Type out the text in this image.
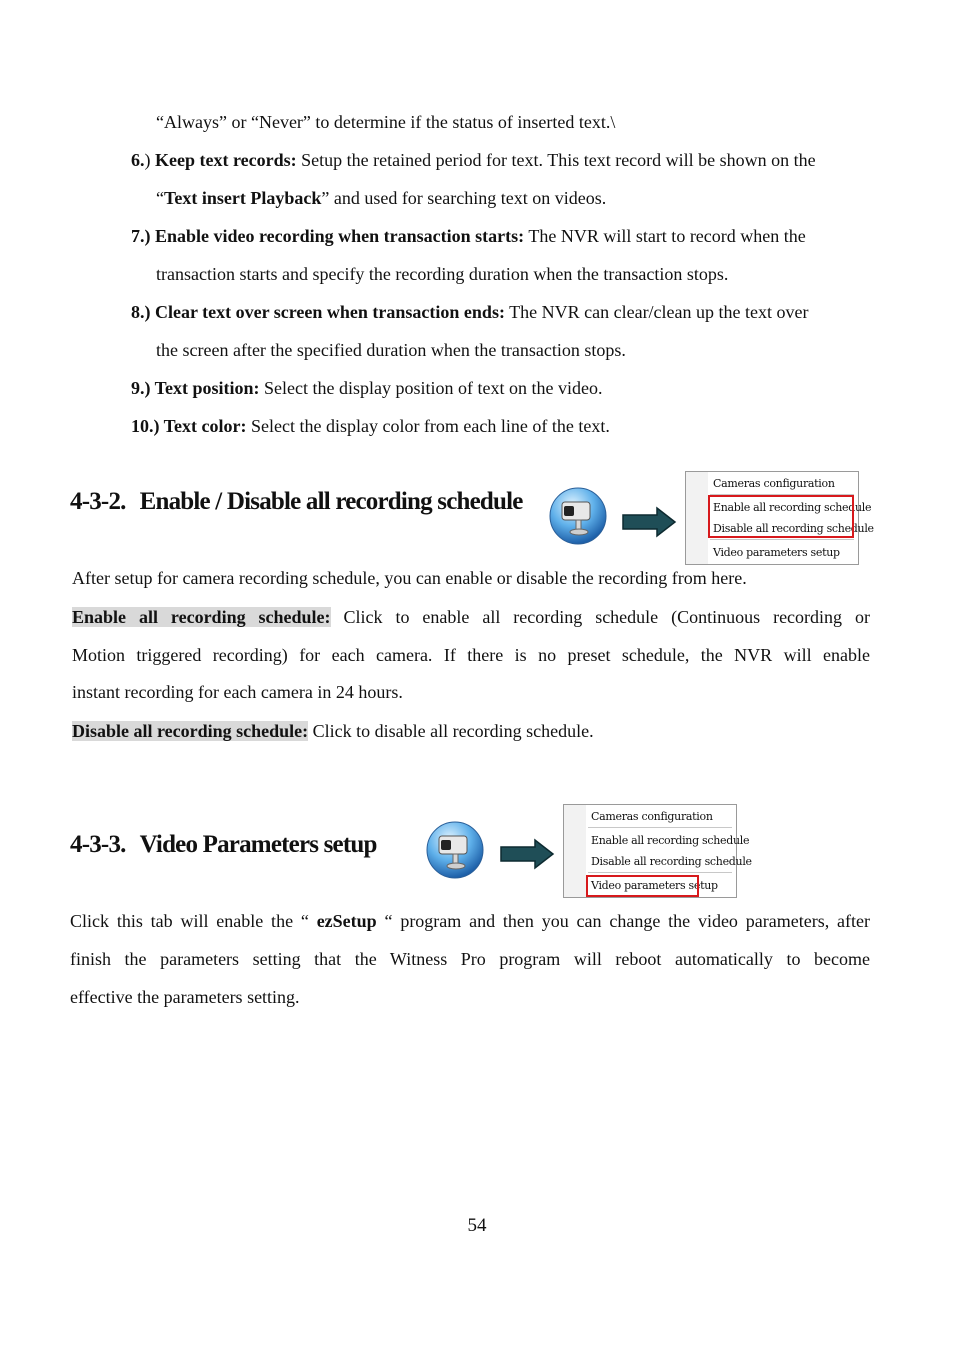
“Always” or “Never” to determine if the status of inserted text.\
6.) Keep text records: Setup the retained period for text. This text record will be shown on the
“Text insert Playback” and used for searching text on videos.
7.) Enable video recording when transaction starts: The NVR will start to record when the
transaction starts and specify the recording duration when the transaction stops.
8.) Clear text over screen when transaction ends: The NVR can clear/clean up the text over
the screen after the specified duration when the transaction stops.
9.) Text position: Select the display position of text on the video.
10.) Text color: Select the display color from each line of the text.
4-3-2. Enable / Disable all recording schedule
Cameras configuration
Enable all recording schedule
Disable all recording schedule
Video parameters setup
After setup for camera recording schedule, you can enable or disable the recording from here.
Enable all recording schedule: Click to enable all recording schedule (Continuous recording or
Motion triggered recording) for each camera. If there is no preset schedule, the NVR will enable
instant recording for each camera in 24 hours.
Disable all recording schedule: Click to disable all recording schedule.
4-3-3. Video Parameters setup
Cameras configuration
Enable all recording schedule
Disable all recording schedule
Video parameters setup
Click this tab will enable the “ ezSetup “ program and then you can change the video parameters, after
finish the parameters setting that the Witness Pro program will reboot automatically to become
effective the parameters setting.
54
